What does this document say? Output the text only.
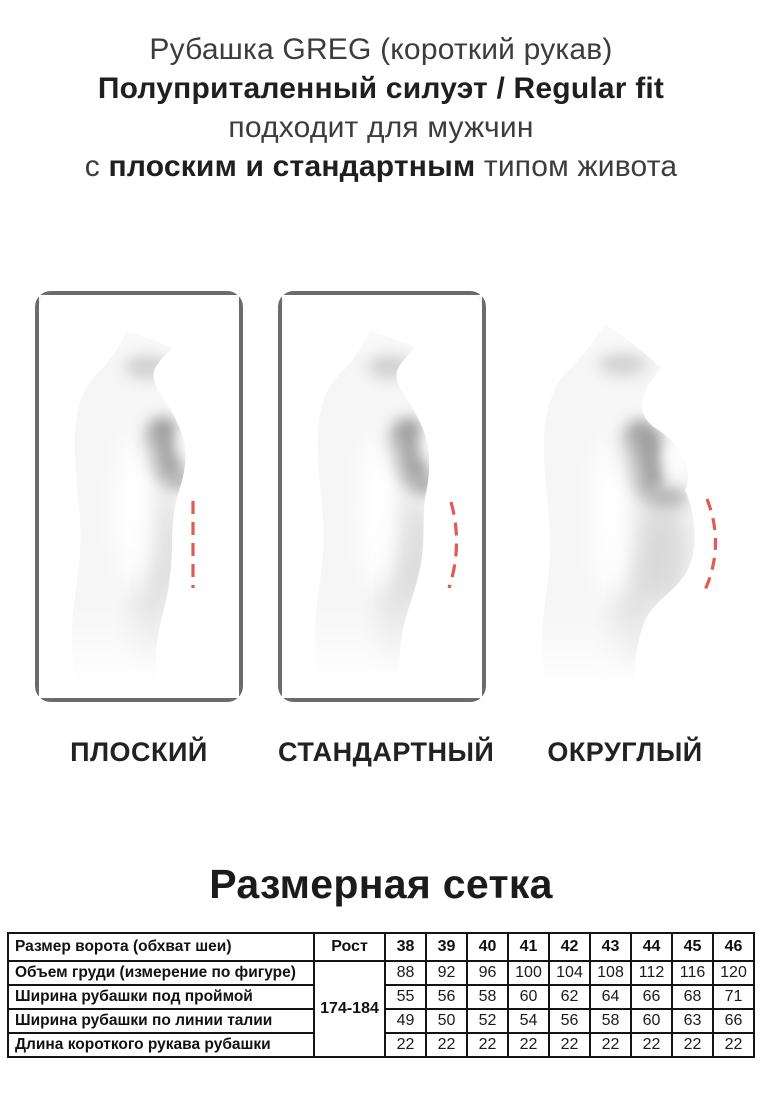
Рубашка GREG (короткий рукав)
Полуприталенный силуэт / Regular fit
подходит для мужчин
с плоским и стандартным типом живота
ПЛОСКИЙ	СТАНДАРТНЫЙ	ОКРУГЛЫЙ
Размерная сетка
Размер ворота (обхват шеи)	Рост	38	39	40	41	42	43	44	45	46
Объем груди (измерение по фигуре)	174-184	88	92	96	100	104	108	112	116	120
Ширина рубашки под проймой		55	56	58	60	62	64	66	68	71
Ширина рубашки по линии талии		49	50	52	54	56	58	60	63	66
Длина короткого рукава рубашки		22	22	22	22	22	22	22	22	22
